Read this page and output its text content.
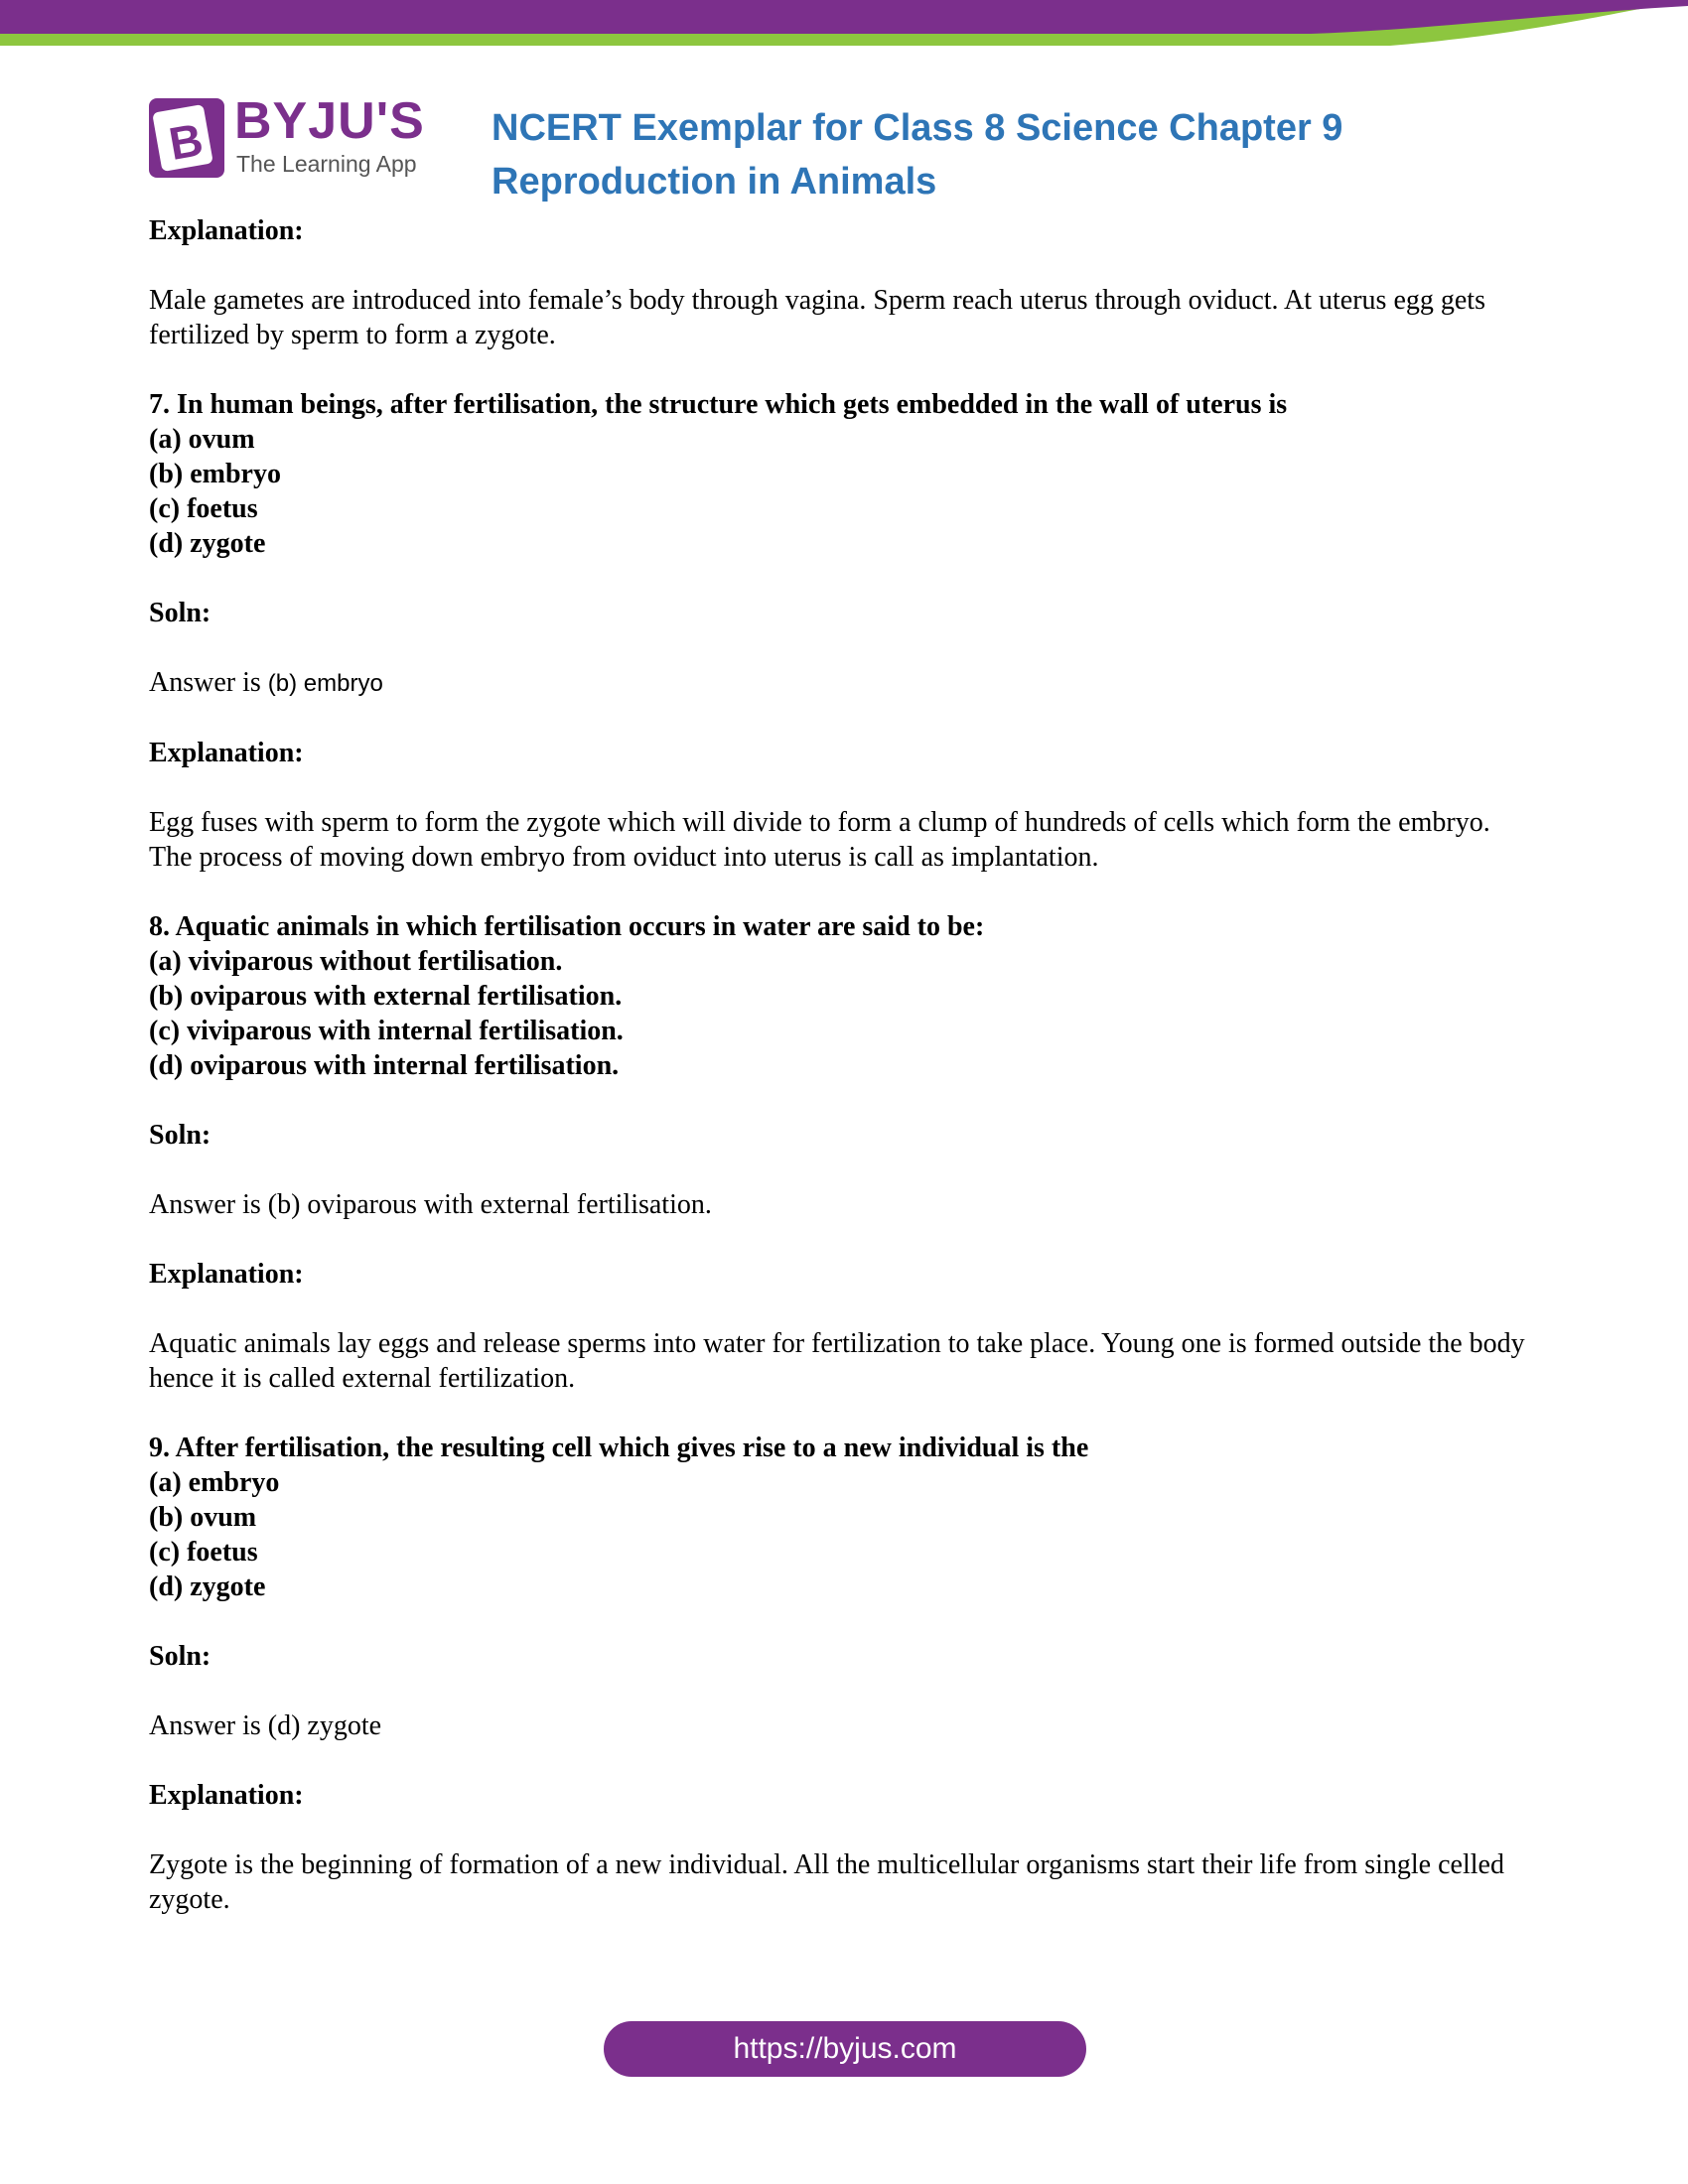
B BYJU'S
The Learning App
NCERT Exemplar for Class 8 Science Chapter 9 Reproduction in Animals

Explanation:

Male gametes are introduced into female’s body through vagina. Sperm reach uterus through oviduct. At uterus egg gets fertilized by sperm to form a zygote.

7. In human beings, after fertilisation, the structure which gets embedded in the wall of uterus is

(a) ovum

(b) embryo

(c) foetus

(d) zygote

Soln:

Answer is (b) embryo

Explanation:

Egg fuses with sperm to form the zygote which will divide to form a clump of hundreds of cells which form the embryo. The process of moving down embryo from oviduct into uterus is call as implantation.

8. Aquatic animals in which fertilisation occurs in water are said to be:

(a) viviparous without fertilisation.

(b) oviparous with external fertilisation.

(c) viviparous with internal fertilisation.

(d) oviparous with internal fertilisation.

Soln:

Answer is (b) oviparous with external fertilisation.

Explanation:

Aquatic animals lay eggs and release sperms into water for fertilization to take place. Young one is formed outside the body hence it is called external fertilization.

9. After fertilisation, the resulting cell which gives rise to a new individual is the

(a) embryo

(b) ovum

(c) foetus

(d) zygote

Soln:

Answer is (d) zygote

Explanation:

Zygote is the beginning of formation of a new individual. All the multicellular organisms start their life from single celled zygote.

https://byjus.com
